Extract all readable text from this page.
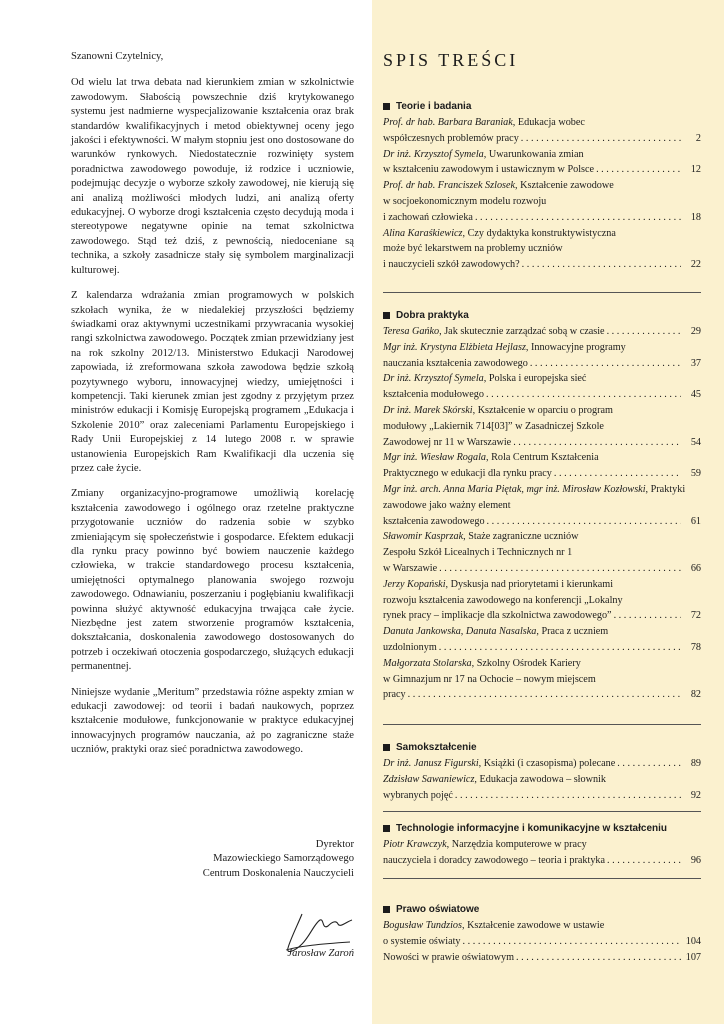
Szanowni Czytelnicy,

Od wielu lat trwa debata nad kierunkiem zmian w szkolnictwie zawodowym. Słabością powszechnie dziś krytykowanego systemu jest nadmierne wyspecjalizowanie kształcenia oraz brak standardów kwalifikacyjnych i metod obiektywnej oceny jego jakości i efektywności. W małym stopniu jest ono dostosowane do warunków rynkowych. Niedostatecznie rozwinięty system poradnictwa zawodowego powoduje, iż rodzice i uczniowie, podejmując decyzje o wyborze szkoły zawodowej, nie kierują się ani analizą możliwości młodych ludzi, ani analizą oferty edukacyjnej. O wyborze drogi kształcenia często decydują moda i stereotypowe negatywne opinie na temat szkolnictwa zawodowego. Stąd też dziś, z pewnością, niedoceniane są technika, a szkoły zasadnicze stały się symbolem marginalizacji kulturowej.

Z kalendarza wdrażania zmian programowych w polskich szkołach wynika, że w niedalekiej przyszłości będziemy świadkami oraz aktywnymi uczestnikami przywracania wysokiej rangi szkolnictwa zawodowego. Początek zmian przewidziany jest na rok szkolny 2012/13. Ministerstwo Edukacji Narodowej zapowiada, iż zreformowana szkoła zawodowa będzie szkołą pozytywnego wyboru, innowacyjnej wiedzy, umiejętności i kompetencji. Taki kierunek zmian jest zgodny z przyjętym przez ministrów edukacji i Komisję Europejską programem „Edukacja i Szkolenie 2010” oraz zaleceniami Parlamentu Europejskiego i Rady Unii Europejskiej z 14 lutego 2008 r. w sprawie ustanowienia Europejskich Ram Kwalifikacji dla uczenia się przez całe życie.

Zmiany organizacyjno-programowe umożliwią korelację kształcenia zawodowego i ogólnego oraz rzetelne praktyczne przygotowanie uczniów do radzenia sobie w szybko zmieniającym się społeczeństwie i gospodarce. Efektem edukacji dla rynku pracy powinno być bowiem nauczenie każdego człowieka, w trakcie standardowego procesu kształcenia, umiejętności optymalnego planowania swojego rozwoju zawodowego. Odnawianiu, poszerzaniu i pogłębianiu kwalifikacji powinna służyć aktywność edukacyjna trwająca całe życie. Niezbędne jest zatem stworzenie programów kształcenia, dokształcania, doskonalenia zawodowego dostosowanych do potrzeb i oczekiwań otoczenia gospodarczego, służących edukacji permanentnej.

Niniejsze wydanie „Meritum” przedstawia różne aspekty zmian w edukacji zawodowej: od teorii i badań naukowych, poprzez kształcenie modułowe, funkcjonowanie w praktyce edukacyjnej innowacyjnych programów nauczania, aż po zagraniczne staże uczniów, praktyki oraz sieć poradnictwa zawodowego.

Dyrektor
Mazowieckiego Samorządowego
Centrum Doskonalenia Nauczycieli
Jarosław Zaroń
SPIS TREŚCI
Teorie i badania

Prof. dr hab. Barbara Baraniak, Edukacja wobec

współczesnych problemów pracy . . .	2

Dr inż. Krzysztof Symela, Uwarunkowania zmian

w kształceniu zawodowym i ustawicznym w Polsce . . .	12

Prof. dr hab. Franciszek Szlosek, Kształcenie zawodowe

w socjoekonomicznym modelu rozwoju

i zachowań człowieka . . .	18

Alina Karaśkiewicz, Czy dydaktyka konstruktywistyczna

może być lekarstwem na problemy uczniów

i nauczycieli szkół zawodowych? . . .	22

Dobra praktyka

Teresa Gańko, Jak skutecznie zarządzać sobą w czasie . . .	29

Mgr inż. Krystyna Elżbieta Hejlasz, Innowacyjne programy

nauczania kształcenia zawodowego . . .	37

Dr inż. Krzysztof Symela, Polska i europejska sieć

kształcenia modułowego . . .	45

Dr inż. Marek Skórski, Kształcenie w oparciu o program

modułowy „Lakiernik 714[03]” w Zasadniczej Szkole

Zawodowej nr 11 w Warszawie . . .	54

Mgr inż. Wiesław Rogala, Rola Centrum Kształcenia

Praktycznego w edukacji dla rynku pracy . . .	59

Mgr inż. arch. Anna Maria Piętak, mgr inż. Mirosław Kozłowski, Praktyki zawodowe jako ważny element

kształcenia zawodowego . . .	61

Sławomir Kasprzak, Staże zagraniczne uczniów

Zespołu Szkół Licealnych i Technicznych nr 1

w Warszawie . . .	66

Jerzy Kopański, Dyskusja nad priorytetami i kierunkami

rozwoju kształcenia zawodowego na konferencji „Lokalny

rynek pracy – implikacje dla szkolnictwa zawodowego” . . .	72

Danuta Jankowska, Danuta Nasalska, Praca z uczniem

uzdolnionym . . .	78

Małgorzata Stolarska, Szkolny Ośrodek Kariery

w Gimnazjum nr 17 na Ochocie – nowym miejscem

pracy . . .	82

Samokształcenie

Dr inż. Janusz Figurski, Książki (i czasopisma) polecane . . .	89

Zdzisław Sawaniewicz, Edukacja zawodowa – słownik

wybranych pojęć . . .	92

Technologie informacyjne i komunikacyjne w kształceniu

Piotr Krawczyk, Narzędzia komputerowe w pracy

nauczyciela i doradcy zawodowego – teoria i praktyka . . .	96

Prawo oświatowe

Bogusław Tundzios, Kształcenie zawodowe w ustawie

o systemie oświaty . . .	104

Nowości w prawie oświatowym . . .	107
